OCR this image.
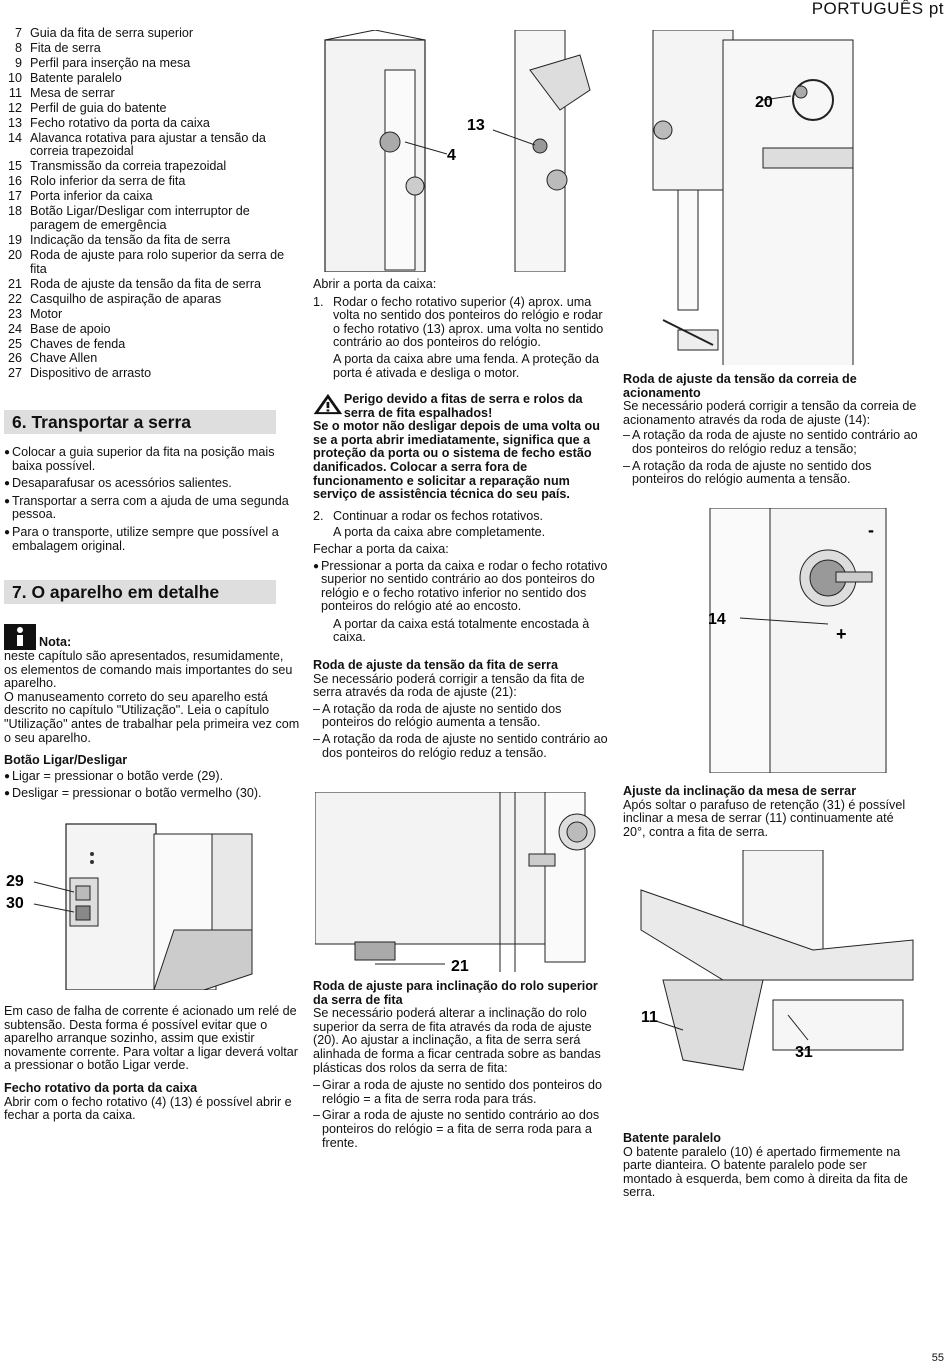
PORTUGUÊS pt
7 Guia da fita de serra superior
8 Fita de serra
9 Perfil para inserção na mesa
10 Batente paralelo
11 Mesa de serrar
12 Perfil de guia do batente
13 Fecho rotativo da porta da caixa
14 Alavanca rotativa para ajustar a tensão da correia trapezoidal
15 Transmissão da correia trapezoidal
16 Rolo inferior da serra de fita
17 Porta inferior da caixa
18 Botão Ligar/Desligar com interruptor de paragem de emergência
19 Indicação da tensão da fita de serra
20 Roda de ajuste para rolo superior da serra de fita
21 Roda de ajuste da tensão da fita de serra
22 Casquilho de aspiração de aparas
23 Motor
24 Base de apoio
25 Chaves de fenda
26 Chave Allen
27 Dispositivo de arrasto
6. Transportar a serra
● Colocar a guia superior da fita na posição mais baixa possível.
● Desaparafusar os acessórios salientes.
● Transportar a serra com a ajuda de uma segunda pessoa.
● Para o transporte, utilize sempre que possível a embalagem original.
7. O aparelho em detalhe
Nota:

neste capítulo são apresentados, resumidamente, os elementos de comando mais importantes do seu aparelho.

O manuseamento correto do seu aparelho está descrito no capítulo "Utilização". Leia o capítulo "Utilização" antes de trabalhar pela primeira vez com o seu aparelho.

Botão Ligar/Desligar

● Ligar = pressionar o botão verde (29).
● Desligar = pressionar o botão vermelho (30).
29
30

Em caso de falha de corrente é acionado um relé de subtensão. Desta forma é possível evitar que o aparelho arranque sozinho, assim que existir novamente corrente. Para voltar a ligar deverá voltar a pressionar o botão Ligar verde.

Fecho rotativo da porta da caixa

Abrir com o fecho rotativo (4) (13) é possível abrir e fechar a porta da caixa.

13
4

Abrir a porta da caixa:

1. Rodar o fecho rotativo superior (4) aprox. uma volta no sentido dos ponteiros do relógio e rodar o fecho rotativo (13) aprox. uma volta no sentido contrário ao dos ponteiros do relógio.

A porta da caixa abre uma fenda. A proteção da porta é ativada e desliga o motor.

Perigo devido a fitas de serra e rolos da serra de fita espalhados!

Se o motor não desligar depois de uma volta ou se a porta abrir imediatamente, significa que a proteção da porta ou o sistema de fecho estão danificados. Colocar a serra fora de funcionamento e solicitar a reparação num serviço de assistência técnica do seu país.

2. Continuar a rodar os fechos rotativos.

A porta da caixa abre completamente.

Fechar a porta da caixa:

● Pressionar a porta da caixa e rodar o fecho rotativo superior no sentido contrário ao dos ponteiros do relógio e o fecho rotativo inferior no sentido dos ponteiros do relógio até ao encosto.

A portar da caixa está totalmente encostada à caixa.

Roda de ajuste da tensão da fita de serra

Se necessário poderá corrigir a tensão da fita de serra através da roda de ajuste (21):

– A rotação da roda de ajuste no sentido dos ponteiros do relógio aumenta a tensão.
– A rotação da roda de ajuste no sentido contrário ao dos ponteiros do relógio reduz a tensão.
21

Roda de ajuste para inclinação do rolo superior da serra de fita

Se necessário poderá alterar a inclinação do rolo superior da serra de fita através da roda de ajuste (20). Ao ajustar a inclinação, a fita de serra será alinhada de forma a ficar centrada sobre as bandas plásticas dos rolos da serra de fita:

– Girar a roda de ajuste no sentido dos ponteiros do relógio = a fita de serra roda para trás.
– Girar a roda de ajuste no sentido contrário ao dos ponteiros do relógio = a fita de serra roda para a frente.
20

Roda de ajuste da tensão da correia de acionamento

Se necessário poderá corrigir a tensão da correia de acionamento através da roda de ajuste (14):

– A rotação da roda de ajuste no sentido contrário ao dos ponteiros do relógio reduz a tensão;
– A rotação da roda de ajuste no sentido dos ponteiros do relógio aumenta a tensão.
14
-
+

Ajuste da inclinação da mesa de serrar

Após soltar o parafuso de retenção (31) é possível inclinar a mesa de serrar (11) continuamente até 20°, contra a fita de serra.

11
31

Batente paralelo

O batente paralelo (10) é apertado firmemente na parte dianteira. O batente paralelo pode ser montado à esquerda, bem como à direita da fita de serra.

55
